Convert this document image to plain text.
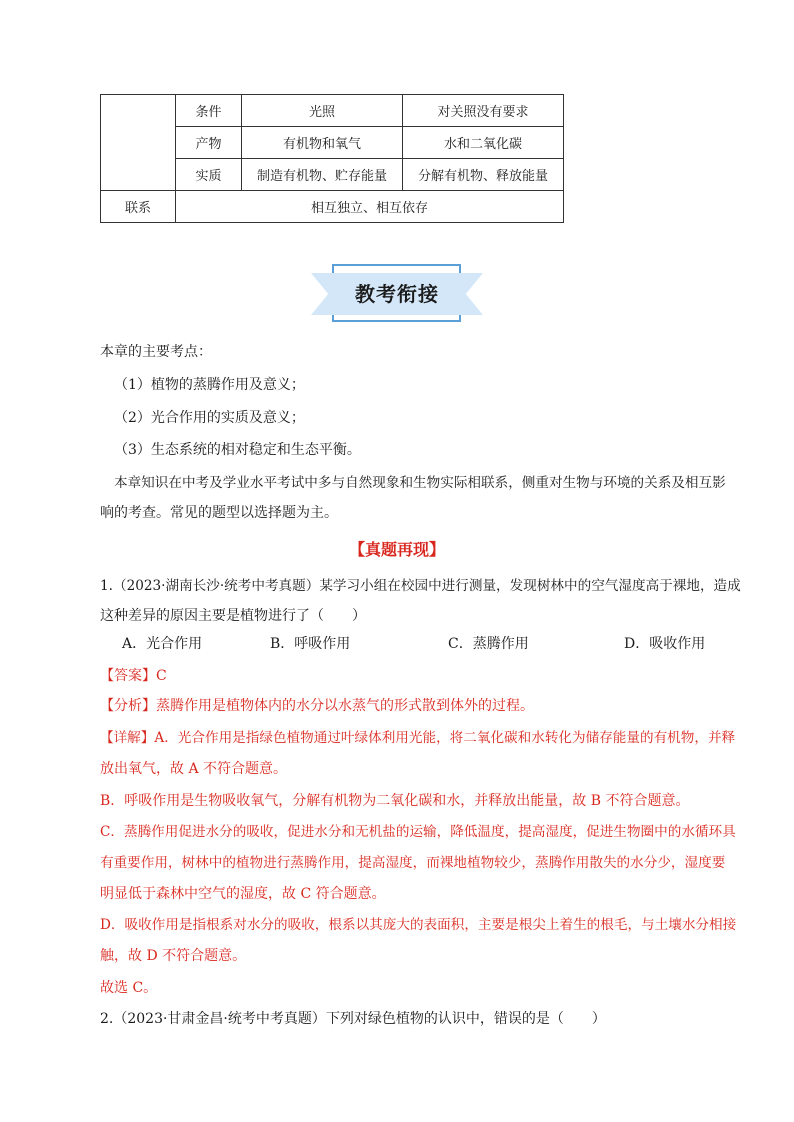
	条件	光照	对关照没有要求
	产物	有机物和氧气	水和二氧化碳
	实质	制造有机物、贮存能量	分解有机物、释放能量
联系	相互独立、相互依存		
教考衔接
本章的主要考点：
（1）植物的蒸腾作用及意义；
（2）光合作用的实质及意义；
（3）生态系统的相对稳定和生态平衡。
本章知识在中考及学业水平考试中多与自然现象和生物实际相联系，侧重对生物与环境的关系及相互影
响的考查。常见的题型以选择题为主。
【真题再现】
1.（2023·湖南长沙·统考中考真题）某学习小组在校园中进行测量，发现树林中的空气湿度高于裸地，造成
这种差异的原因主要是植物进行了（　　）
A．光合作用	B．呼吸作用	C．蒸腾作用	D．吸收作用
【答案】C
【分析】蒸腾作用是植物体内的水分以水蒸气的形式散到体外的过程。
【详解】A．光合作用是指绿色植物通过叶绿体利用光能，将二氧化碳和水转化为储存能量的有机物，并释
放出氧气，故 A 不符合题意。
B．呼吸作用是生物吸收氧气，分解有机物为二氧化碳和水，并释放出能量，故 B 不符合题意。
C．蒸腾作用促进水分的吸收，促进水分和无机盐的运输，降低温度，提高湿度，促进生物圈中的水循环具
有重要作用，树林中的植物进行蒸腾作用，提高湿度，而裸地植物较少，蒸腾作用散失的水分少，湿度要
明显低于森林中空气的湿度，故 C 符合题意。
D．吸收作用是指根系对水分的吸收，根系以其庞大的表面积，主要是根尖上着生的根毛，与土壤水分相接
触，故 D 不符合题意。
故选 C。
2.（2023·甘肃金昌·统考中考真题）下列对绿色植物的认识中，错误的是（　　）
